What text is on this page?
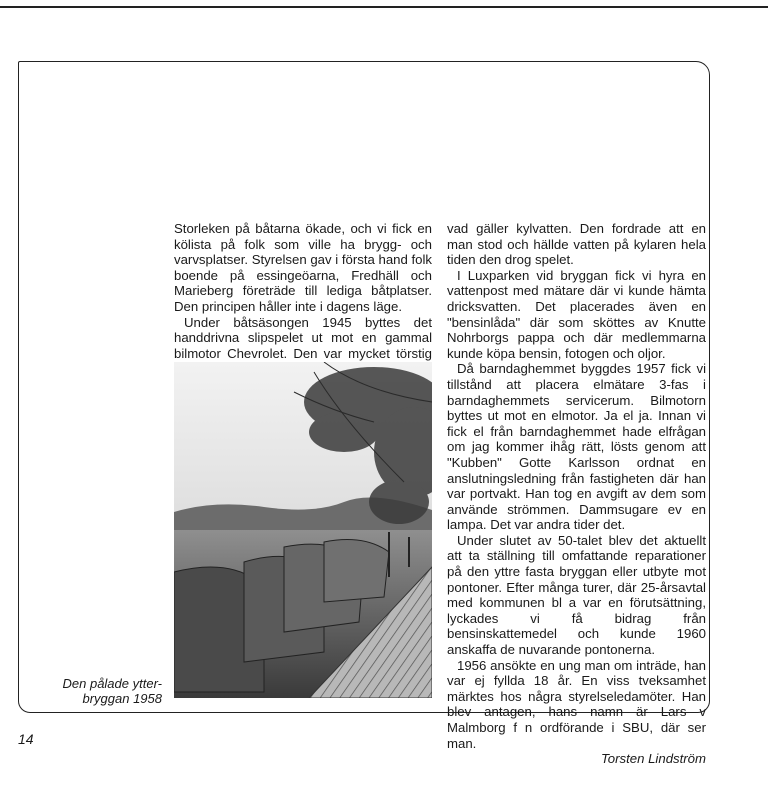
Storleken på båtarna ökade, och vi fick en kölista på folk som ville ha brygg- och varvsplatser. Styrelsen gav i första hand folk boende på essingeöarna, Fredhäll och Marieberg företräde till lediga båtplatser. Den principen håller inte i dagens läge.

Under båtsäsongen 1945 byttes det handdrivna slipspelet ut mot en gammal bilmotor Chevrolet. Den var mycket törstig

vad gäller kylvatten. Den fordrade att en man stod och hällde vatten på kylaren hela tiden den drog spelet.

I Luxparken vid bryggan fick vi hyra en vattenpost med mätare där vi kunde hämta dricksvatten. Det placerades även en "bensinlåda" där som sköttes av Knutte Nohrborgs pappa och där medlemmarna kunde köpa bensin, fotogen och oljor.

Då barndaghemmet byggdes 1957 fick vi tillstånd att placera elmätare 3-fas i barndaghemmets servicerum. Bilmotorn byttes ut mot en elmotor. Ja el ja. Innan vi fick el från barndaghemmet hade elfrågan om jag kommer ihåg rätt, lösts genom att "Kubben" Gotte Karlsson ordnat en anslutningsledning från fastigheten där han var portvakt. Han tog en avgift av dem som använde strömmen. Dammsugare ev en lampa. Det var andra tider det.

Under slutet av 50-talet blev det aktuellt att ta ställning till omfattande reparationer på den yttre fasta bryggan eller utbyte mot pontoner. Efter många turer, där 25-årsavtal med kommunen bl a var en förutsättning, lyckades vi få bidrag från bensinskattemedel och kunde 1960 anskaffa de nuvarande pontonerna.

1956 ansökte en ung man om inträde, han var ej fyllda 18 år. En viss tveksamhet märktes hos några styrelseledamöter. Han blev antagen, hans namn är Lars v Malmborg f n ordförande i SBU, där ser man.

Torsten Lindström
Den pålade ytter-
bryggan 1958
14
